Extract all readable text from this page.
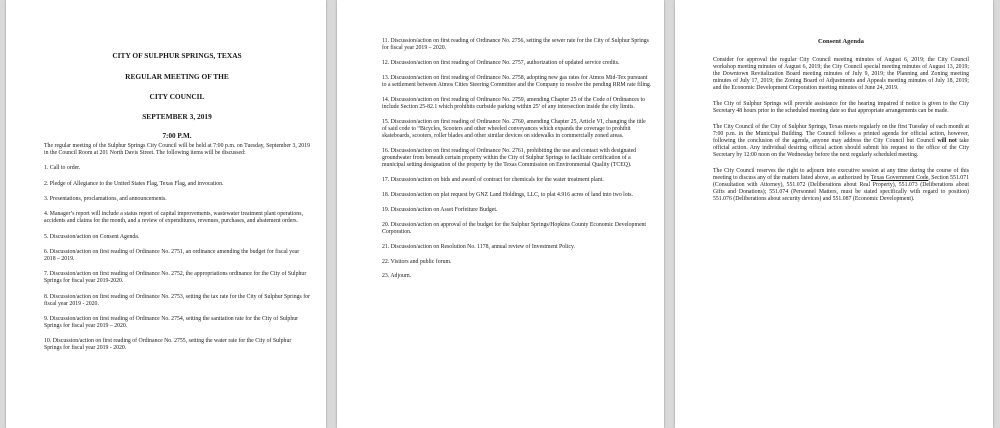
CITY OF SULPHUR SPRINGS, TEXAS
REGULAR MEETING OF THE
CITY COUNCIL
SEPTEMBER 3, 2019
7:00 P.M.

The regular meeting of the Sulphur Springs City Council will be held at 7:00 p.m. on Tuesday, September 3, 2019 in the Council Room at 201 North Davis Street. The following items will be discussed:

1. Call to order.
2. Pledge of Allegiance to the United States Flag, Texas Flag, and invocation.
3. Presentations, proclamations, and announcements.
4. Manager’s report will include a status report of capital improvements, wastewater treatment plant operations, accidents and claims for the month, and a review of expenditures, revenues, purchases, and abatement orders.
5. Discussion/action on Consent Agenda.
6. Discussion/action on first reading of Ordinance No. 2751, an ordinance amending the budget for fiscal year 2018 – 2019.
7. Discussion/action on first reading of Ordinance No. 2752, the appropriations ordinance for the City of Sulphur Springs for fiscal year 2019-2020.
8. Discussion/action on first reading of Ordinance No. 2753, setting the tax rate for the City of Sulphur Springs for fiscal year 2019 - 2020.
9. Discussion/action on first reading of Ordinance No. 2754, setting the sanitation rate for the City of Sulphur Springs for fiscal year 2019 – 2020.
10. Discussion/action on first reading of Ordinance No. 2755, setting the water rate for the City of Sulphur Springs for fiscal year 2019 - 2020.
11. Discussion/action on first reading of Ordinance No. 2756, setting the sewer rate for the City of Sulphur Springs for fiscal year 2019 – 2020.
12. Discussion/action on first reading of Ordinance No. 2757, authorization of updated service credits.
13. Discussion/action on first reading of Ordinance No. 2758, adopting new gas rates for Atmos Mid-Tex pursuant to a settlement between Atmos Cities Steering Committee and the Company to resolve the pending RRM rate filing.
14. Discussion/action on first reading of Ordinance No. 2759, amending Chapter 25 of the Code of Ordinances to include Section 25-82.1 which prohibits curbside parking within 25’ of any intersection inside the city limits.
15. Discussion/action on first reading of Ordinance No. 2760, amending Chapter 25, Article VI, changing the title of said code to “Bicycles, Scooters and other wheeled conveyances which expands the coverage to prohibit skateboards, scooters, roller blades and other similar devices on sidewalks in commercially zoned areas.
16. Discussion/action on first reading of Ordinance No. 2761, prohibiting the use and contact with designated groundwater from beneath certain property within the City of Sulphur Springs to facilitate certification of a municipal setting designation of the property by the Texas Commission on Environmental Quality (TCEQ).
17. Discussion/action on bids and award of contract for chemicals for the water treatment plant.
18. Discussion/action on plat request by GNZ Land Holdings, LLC, to plat 4.916 acres of land into two lots.
19. Discussion/action on Asset Forfeiture Budget.
20. Discussion/action on approval of the budget for the Sulphur Springs/Hopkins County Economic Development Corporation.
21. Discussion/action on Resolution No. 1178, annual review of Investment Policy.
22. Visitors and public forum.
23. Adjourn.
Consent Agenda

Consider for approval the regular City Council meeting minutes of August 6, 2019; the City Council workshop meeting minutes of August 6, 2019; the City Council special meeting minutes of August 13, 2019; the Downtown Revitalization Board meeting minutes of July 9, 2019; the Planning and Zoning meeting minutes of July 17, 2019; the Zoning Board of Adjustments and Appeals meeting minutes of July 18, 2019; and the Economic Development Corporation meeting minutes of June 24, 2019.

The City of Sulphur Springs will provide assistance for the hearing impaired if notice is given to the City Secretary 48 hours prior to the scheduled meeting date so that appropriate arrangements can be made.

The City Council of the City of Sulphur Springs, Texas meets regularly on the first Tuesday of each month at 7:00 p.m. in the Municipal Building. The Council follows a printed agenda for official action, however, following the conclusion of the agenda, anyone may address the City Council but Council will not take official action. Any individual desiring official action should submit his request to the office of the City Secretary by 12:00 noon on the Wednesday before the next regularly scheduled meeting.

The City Council reserves the right to adjourn into executive session at any time during the course of this meeting to discuss any of the matters listed above, as authorized by Texas Government Code, Section 551.071 (Consultation with Attorney), 551.072 (Deliberations about Real Property), 551.073 (Deliberations about Gifts and Donations); 551.074 (Personnel Matters, must be stated specifically with regard to position) 551.076 (Deliberations about security devices) and 551.087 (Economic Development).
